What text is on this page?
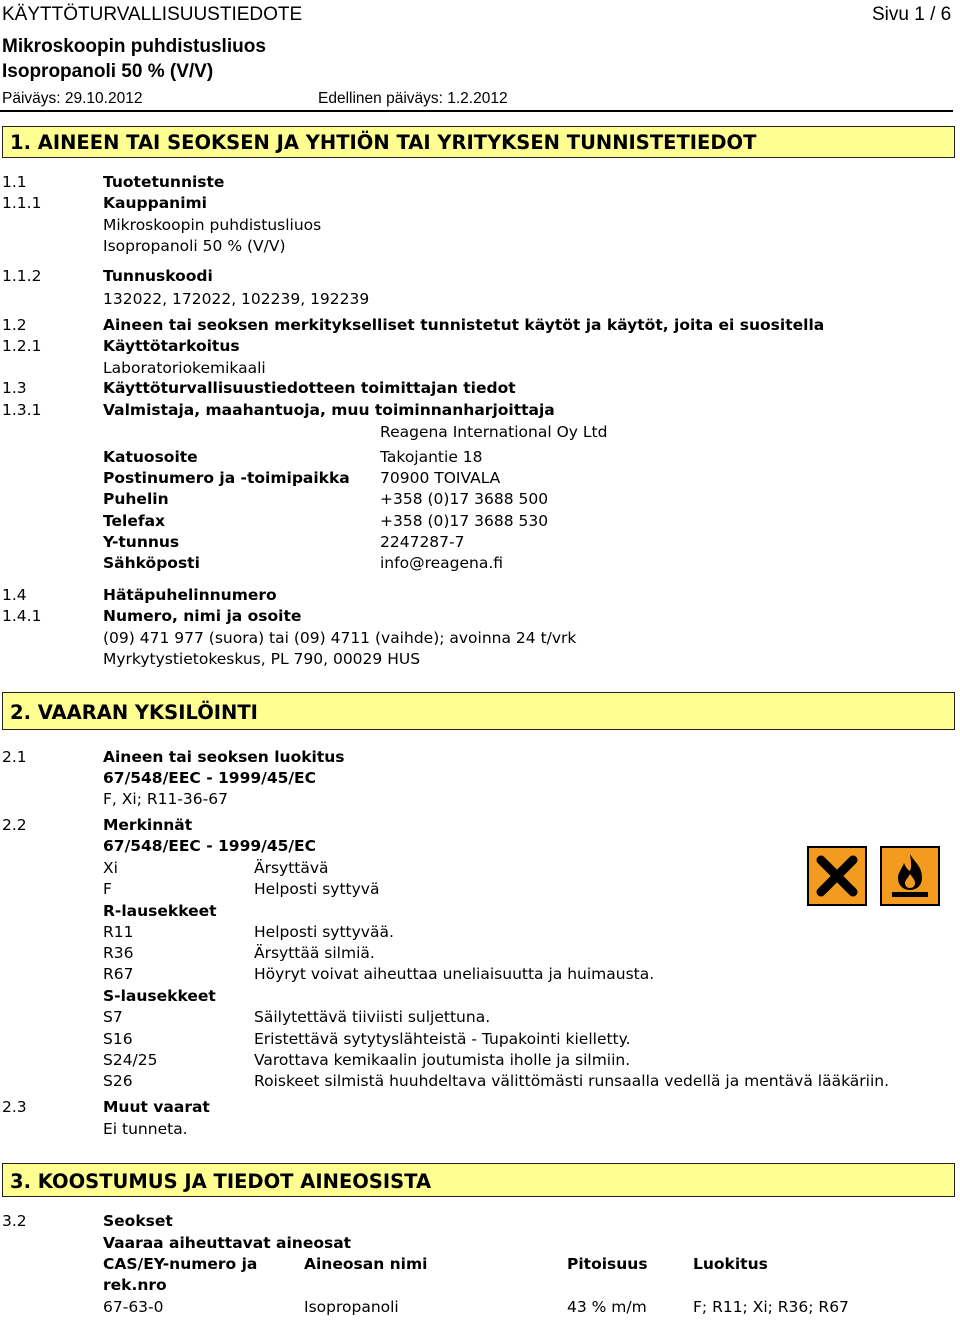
KÄYTTÖTURVALLISUUSTIEDOTE	Sivu 1 / 6
Mikroskoopin puhdistusliuos
Isopropanoli 50 % (V/V)
Päiväys: 29.10.2012	Edellinen päiväys: 1.2.2012
1. AINEEN TAI SEOKSEN JA YHTIÖN TAI YRITYKSEN TUNNISTETIEDOT
1.1	Tuotetunniste
1.1.1	Kauppanimi
Mikroskoopin puhdistusliuos
Isopropanoli 50 % (V/V)
1.1.2	Tunnuskoodi
132022, 172022, 102239, 192239
1.2	Aineen tai seoksen merkitykselliset tunnistetut käytöt ja käytöt, joita ei suositella
1.2.1	Käyttötarkoitus
Laboratoriokemikaali
1.3	Käyttöturvallisuustiedotteen toimittajan tiedot
1.3.1	Valmistaja, maahantuoja, muu toiminnanharjoittaja
Reagena International Oy Ltd
Katuosoite	Takojantie 18
Postinumero ja -toimipaikka 70900 TOIVALA
Puhelin	+358 (0)17 3688 500
Telefax	+358 (0)17 3688 530
Y-tunnus	2247287-7
Sähköposti	info@reagena.fi
1.4	Hätäpuhelinnumero
1.4.1	Numero, nimi ja osoite
(09) 471 977 (suora) tai (09) 4711 (vaihde); avoinna 24 t/vrk
Myrkytystietokeskus, PL 790, 00029 HUS
2. VAARAN YKSILÖINTI
2.1	Aineen tai seoksen luokitus
67/548/EEC - 1999/45/EC
F, Xi; R11-36-67
2.2	Merkinnät
67/548/EEC - 1999/45/EC
Xi	Ärsyttävä
F	Helposti syttyvä
R-lausekkeet
R11	Helposti syttyvää.
R36	Ärsyttää silmiä.
R67	Höyryt voivat aiheuttaa uneliaisuutta ja huimausta.
S-lausekkeet
S7	Säilytettävä tiiviisti suljettuna.
S16	Eristettävä sytytyslähteistä - Tupakointi kielletty.
S24/25	Varottava kemikaalin joutumista iholle ja silmiin.
S26	Roiskeet silmistä huuhdeltava välittömästi runsaalla vedellä ja mentävä lääkäriin.
2.3	Muut vaarat
Ei tunneta.
3. KOOSTUMUS JA TIEDOT AINEOSISTA
3.2	Seokset
Vaaraa aiheuttavat aineosat
CAS/EY-numero ja	Aineosan nimi	Pitoisuus	Luokitus
rek.nro
67-63-0	Isopropanoli	43 % m/m	F; R11; Xi; R36; R67
